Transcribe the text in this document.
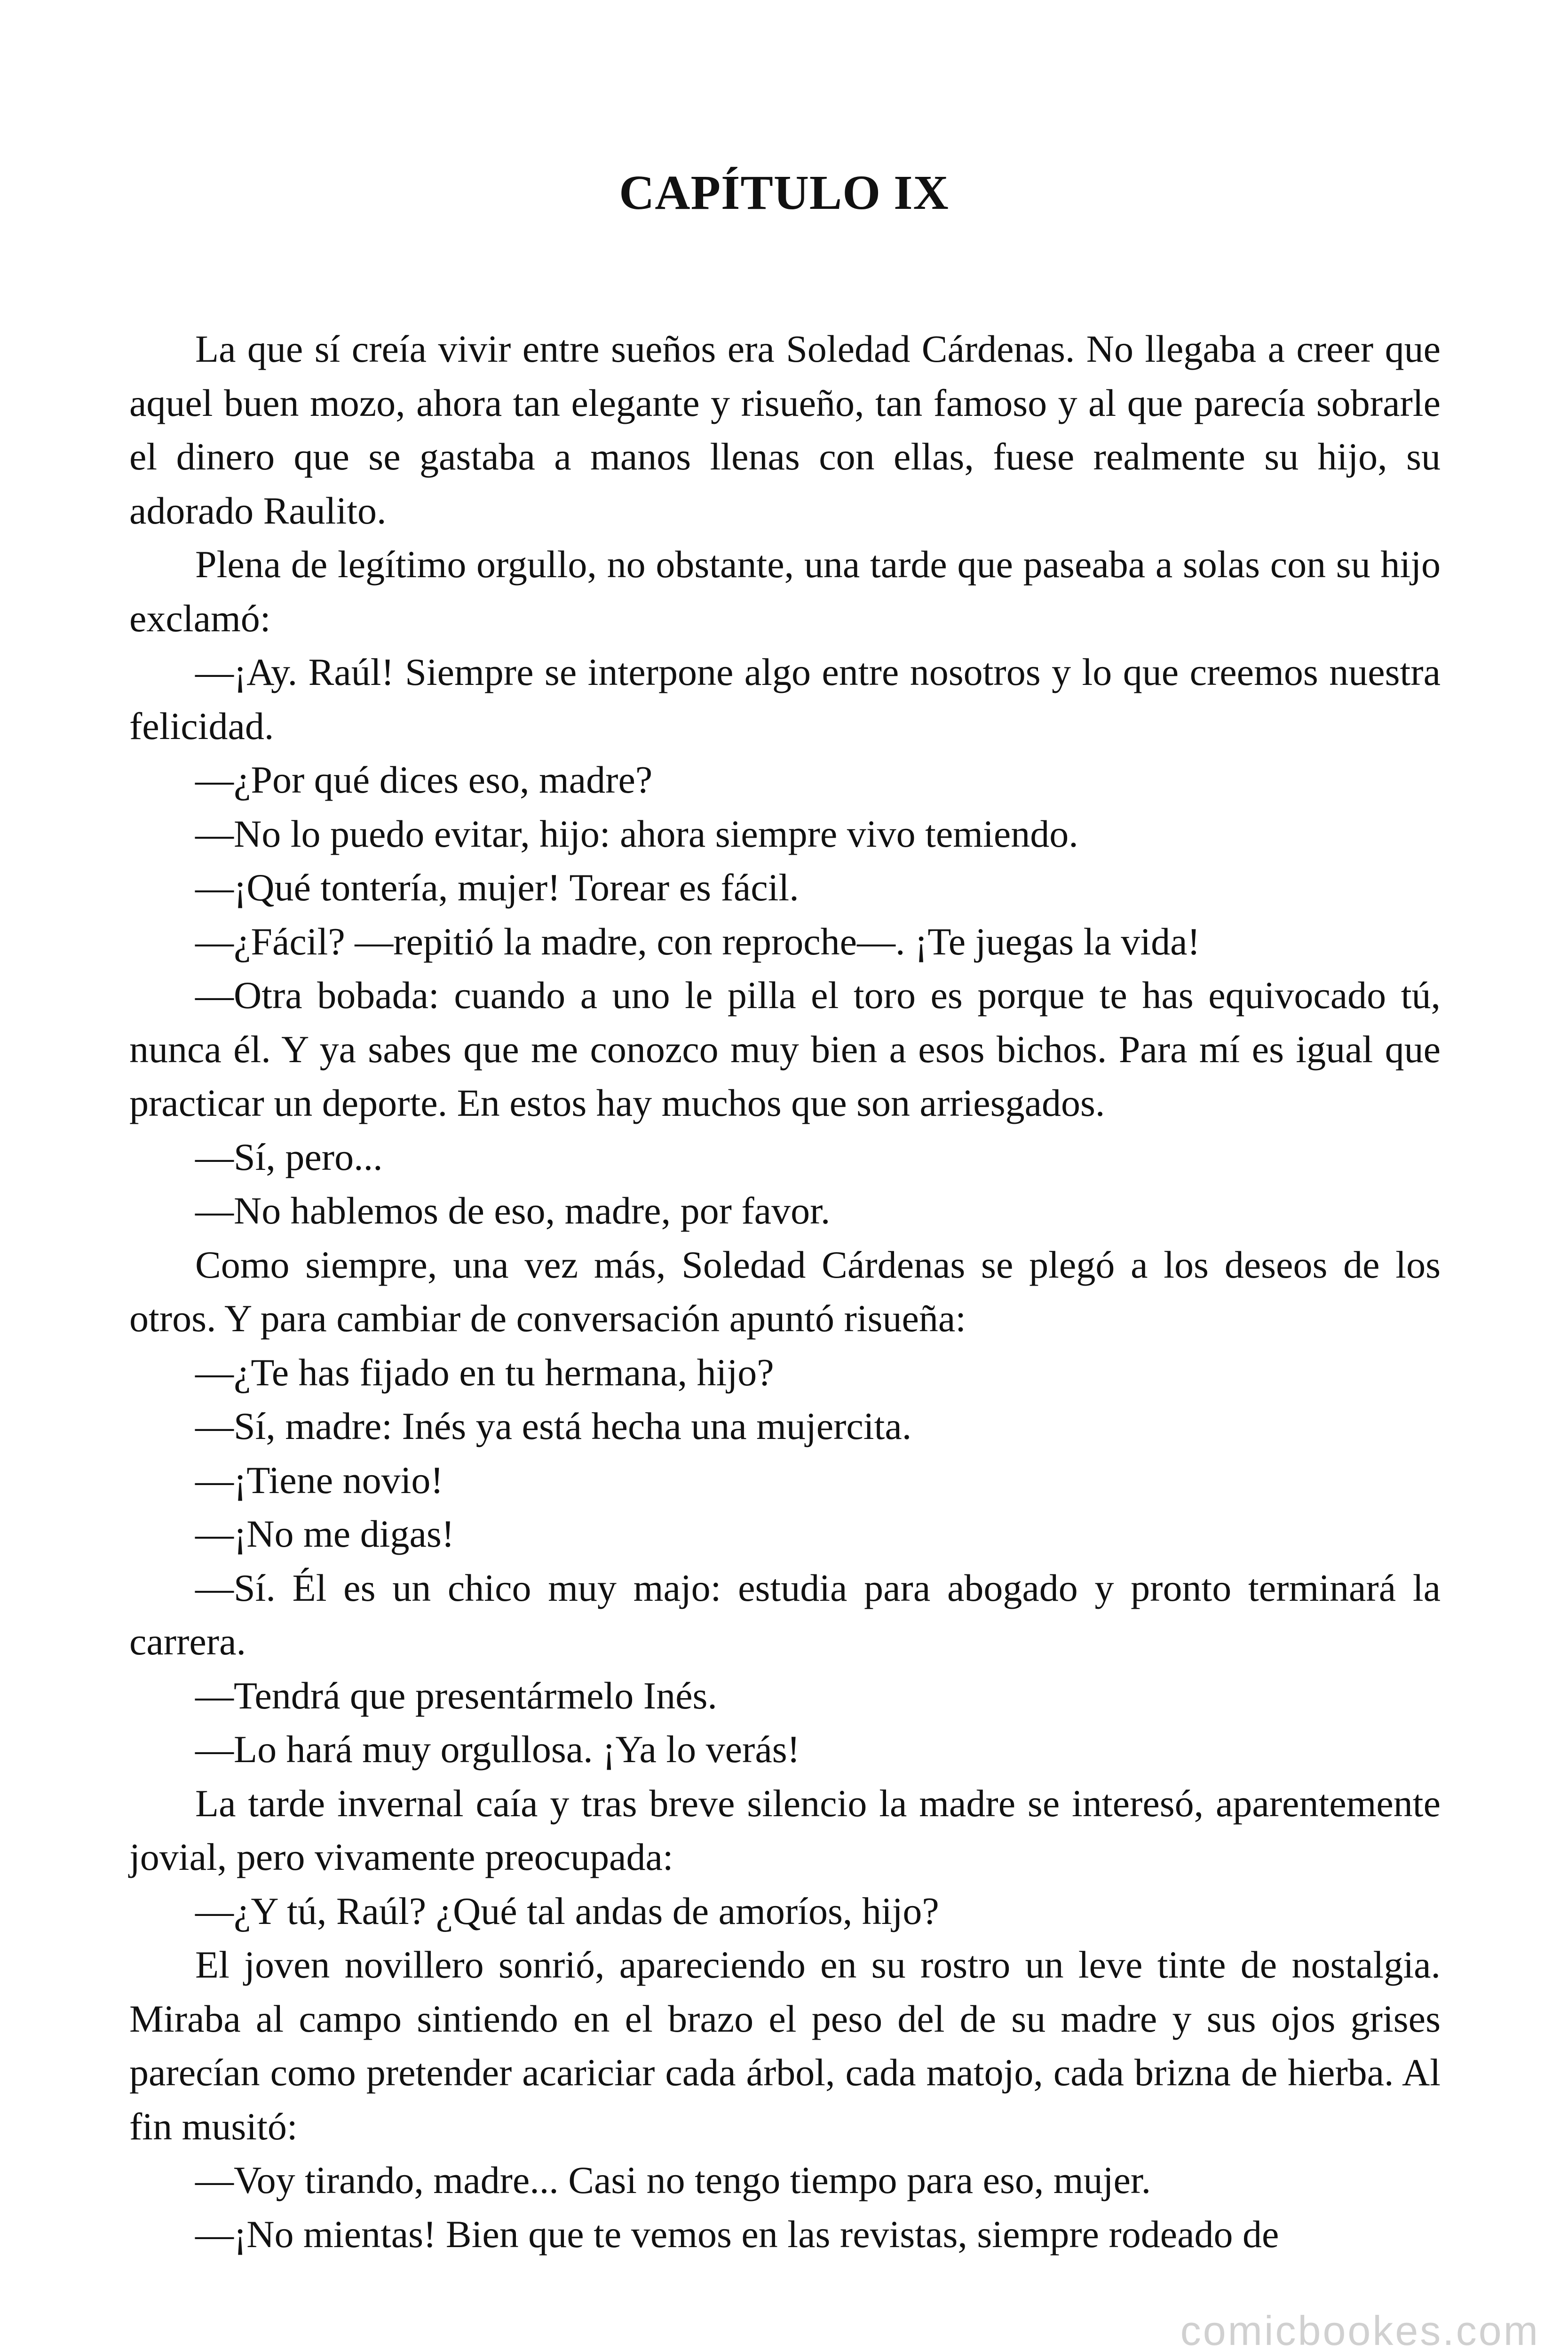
CAPÍTULO IX

La que sí creía vivir entre sueños era Soledad Cárdenas. No llegaba a creer que aquel buen mozo, ahora tan elegante y risueño, tan famoso y al que parecía sobrarle el dinero que se gastaba a manos llenas con ellas, fuese realmente su hijo, su adorado Raulito.

Plena de legítimo orgullo, no obstante, una tarde que paseaba a solas con su hijo exclamó:

—¡Ay. Raúl! Siempre se interpone algo entre nosotros y lo que creemos nuestra felicidad.

—¿Por qué dices eso, madre?

—No lo puedo evitar, hijo: ahora siempre vivo temiendo.

—¡Qué tontería, mujer! Torear es fácil.

—¿Fácil? —repitió la madre, con reproche—. ¡Te juegas la vida!

—Otra bobada: cuando a uno le pilla el toro es porque te has equivocado tú, nunca él. Y ya sabes que me conozco muy bien a esos bichos. Para mí es igual que practicar un deporte. En estos hay muchos que son arriesgados.

—Sí, pero...

—No hablemos de eso, madre, por favor.

Como siempre, una vez más, Soledad Cárdenas se plegó a los deseos de los otros. Y para cambiar de conversación apuntó risueña:

—¿Te has fijado en tu hermana, hijo?

—Sí, madre: Inés ya está hecha una mujercita.

—¡Tiene novio!

—¡No me digas!

—Sí. Él es un chico muy majo: estudia para abogado y pronto terminará la carrera.

—Tendrá que presentármelo Inés.

—Lo hará muy orgullosa. ¡Ya lo verás!

La tarde invernal caía y tras breve silencio la madre se interesó, aparentemente jovial, pero vivamente preocupada:

—¿Y tú, Raúl? ¿Qué tal andas de amoríos, hijo?

El joven novillero sonrió, apareciendo en su rostro un leve tinte de nostalgia. Miraba al campo sintiendo en el brazo el peso del de su madre y sus ojos grises parecían como pretender acariciar cada árbol, cada matojo, cada brizna de hierba. Al fin musitó:

—Voy tirando, madre... Casi no tengo tiempo para eso, mujer.

—¡No mientas! Bien que te vemos en las revistas, siempre rodeado de

comicbookes.com
